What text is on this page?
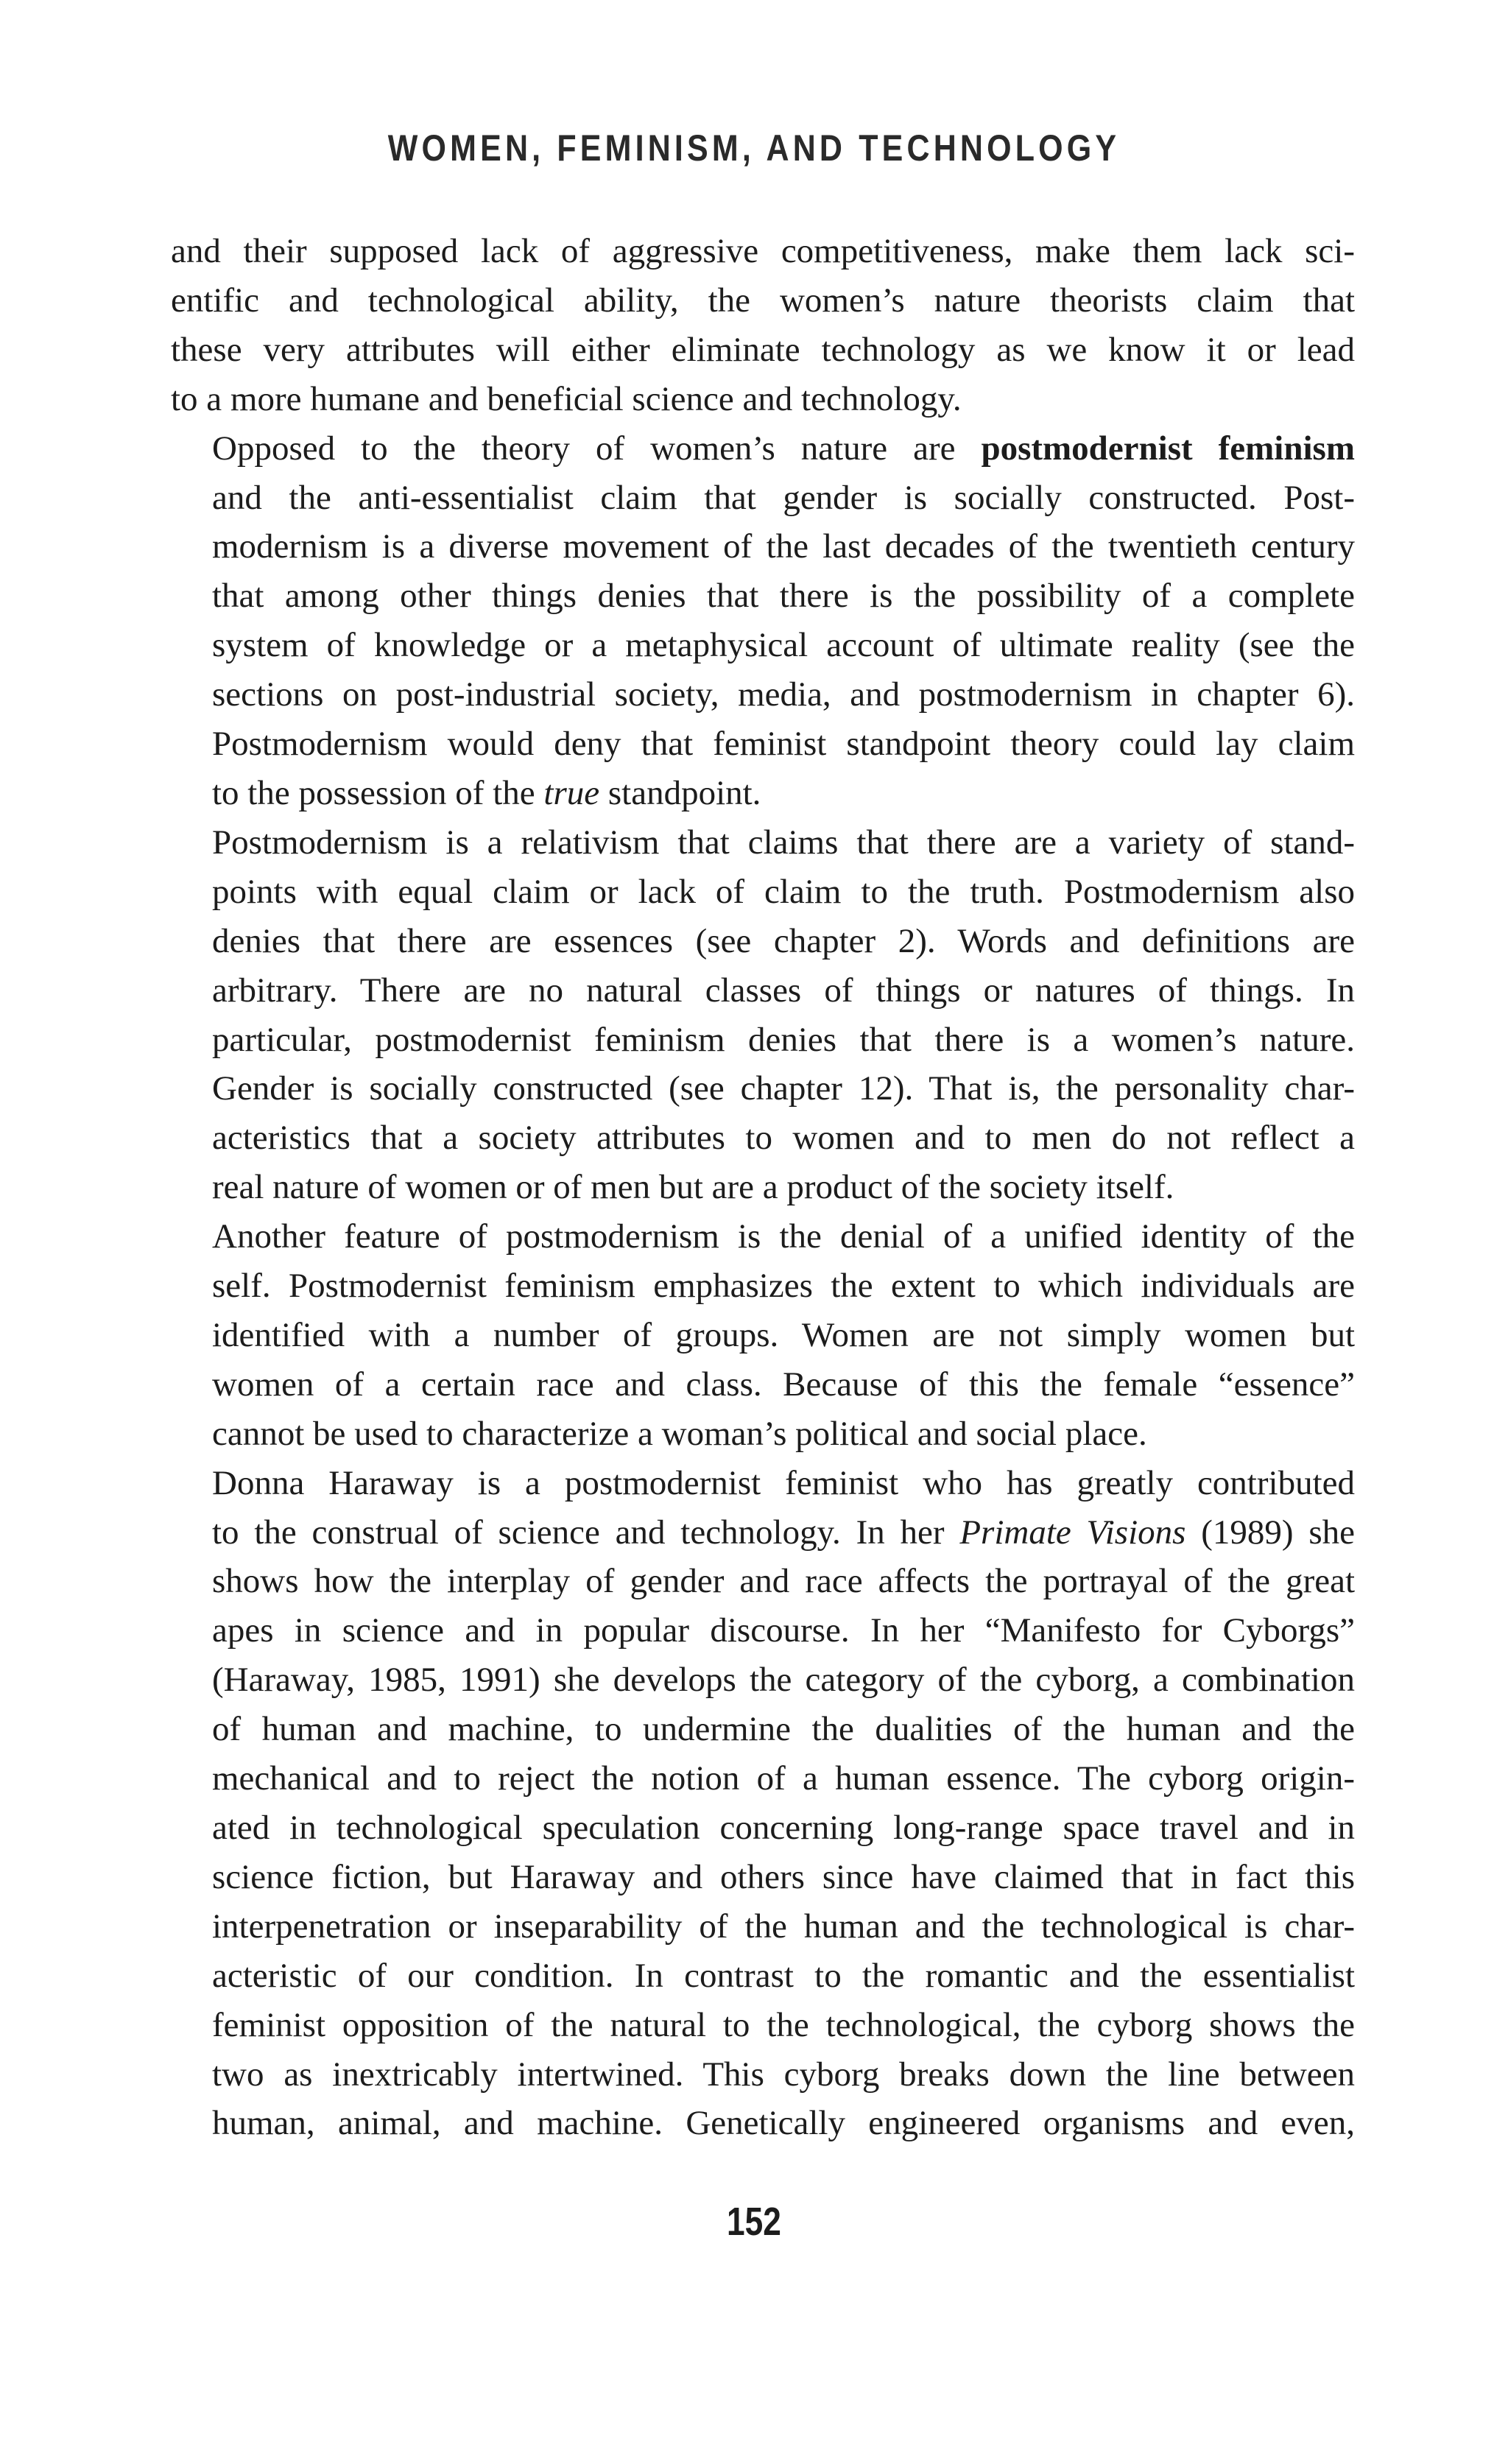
WOMEN, FEMINISM, AND TECHNOLOGY

and their supposed lack of aggressive competitiveness, make them lack sci-
entific and technological ability, the women’s nature theorists claim that
these very attributes will either eliminate technology as we know it or lead
to a more humane and beneficial science and technology.

Opposed to the theory of women’s nature are postmodernist feminism
and the anti-essentialist claim that gender is socially constructed. Post-
modernism is a diverse movement of the last decades of the twentieth century
that among other things denies that there is the possibility of a complete
system of knowledge or a metaphysical account of ultimate reality (see the
sections on post-industrial society, media, and postmodernism in chapter 6).
Postmodernism would deny that feminist standpoint theory could lay claim
to the possession of the true standpoint.

Postmodernism is a relativism that claims that there are a variety of stand-
points with equal claim or lack of claim to the truth. Postmodernism also
denies that there are essences (see chapter 2). Words and definitions are
arbitrary. There are no natural classes of things or natures of things. In
particular, postmodernist feminism denies that there is a women’s nature.
Gender is socially constructed (see chapter 12). That is, the personality char-
acteristics that a society attributes to women and to men do not reflect a
real nature of women or of men but are a product of the society itself.

Another feature of postmodernism is the denial of a unified identity of the
self. Postmodernist feminism emphasizes the extent to which individuals are
identified with a number of groups. Women are not simply women but
women of a certain race and class. Because of this the female “essence”
cannot be used to characterize a woman’s political and social place.

Donna Haraway is a postmodernist feminist who has greatly contributed
to the construal of science and technology. In her Primate Visions (1989) she
shows how the interplay of gender and race affects the portrayal of the great
apes in science and in popular discourse. In her “Manifesto for Cyborgs”
(Haraway, 1985, 1991) she develops the category of the cyborg, a combination
of human and machine, to undermine the dualities of the human and the
mechanical and to reject the notion of a human essence. The cyborg origin-
ated in technological speculation concerning long-range space travel and in
science fiction, but Haraway and others since have claimed that in fact this
interpenetration or inseparability of the human and the technological is char-
acteristic of our condition. In contrast to the romantic and the essentialist
feminist opposition of the natural to the technological, the cyborg shows the
two as inextricably intertwined. This cyborg breaks down the line between
human, animal, and machine. Genetically engineered organisms and even,

152
